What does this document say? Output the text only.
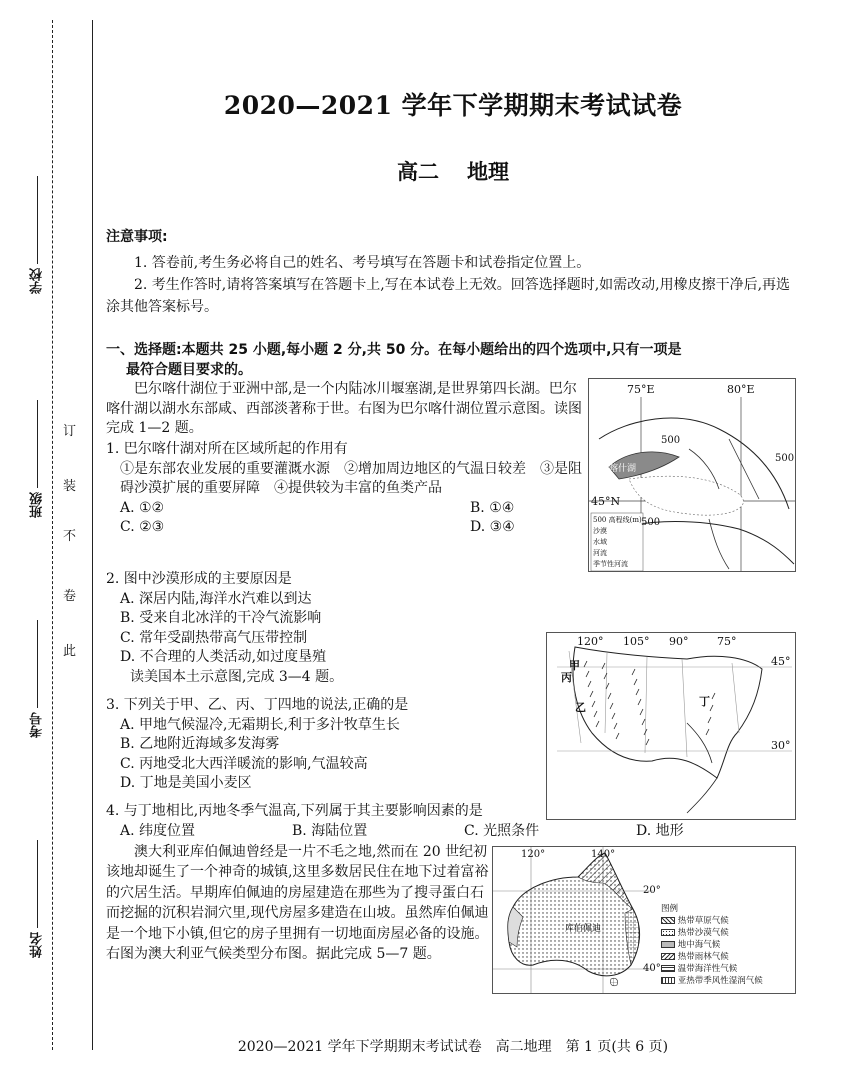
学校
班级
考号
姓名
订
装
不
卷
此
2020—2021 学年下学期期末考试试卷
高二 地理
注意事项:

1. 答卷前,考生务必将自己的姓名、考号填写在答题卡和试卷指定位置上。

2. 考生作答时,请将答案填写在答题卡上,写在本试卷上无效。回答选择题时,如需改动,用橡皮擦干净后,再选涂其他答案标号。

一、选择题:本题共 25 小题,每小题 2 分,共 50 分。在每小题给出的四个选项中,只有一项是
最符合题目要求的。

巴尔喀什湖位于亚洲中部,是一个内陆冰川堰塞湖,是世界第四长湖。巴尔喀什湖以湖水东部咸、西部淡著称于世。右图为巴尔喀什湖位置示意图。读图完成 1—2 题。

1. 巴尔喀什湖对所在区域所起的作用有

①是东部农业发展的重要灌溉水源　②增加周边地区的气温日较差　③是阻碍沙漠扩展的重要屏障　④提供较为丰富的鱼类产品

A. ①②	B. ①④
C. ②③	D. ③④

2. 图中沙漠形成的主要原因是

A. 深居内陆,海洋水汽难以到达

B. 受来自北冰洋的干冷气流影响

C. 常年受副热带高气压带控制

D. 不合理的人类活动,如过度垦殖

读美国本土示意图,完成 3—4 题。

3. 下列关于甲、乙、丙、丁四地的说法,正确的是

A. 甲地气候湿冷,无霜期长,利于多汁牧草生长

B. 乙地附近海域多发海雾

C. 丙地受北大西洋暖流的影响,气温较高

D. 丁地是美国小麦区

4. 与丁地相比,丙地冬季气温高,下列属于其主要影响因素的是

A. 纬度位置	B. 海陆位置	C. 光照条件	D. 地形

澳大利亚库伯佩迪曾经是一片不毛之地,然而在 20 世纪初该地却诞生了一个神奇的城镇,这里多数居民住在地下过着富裕的穴居生活。早期库伯佩迪的房屋建造在那些为了搜寻蛋白石而挖掘的沉积岩洞穴里,现代房屋多建造在山坡。虽然库伯佩迪是一个地下小镇,但它的房子里拥有一切地面房屋必备的设施。右图为澳大利亚气候类型分布图。据此完成 5—7 题。

75°E	80°E
45°N
500
500
500
巴尔喀什湖
500 高程线(m)
沙漠
水域
河流
季节性河流
120° 105° 90°	75°
45°
30°
甲
丙
乙	丁
120°	140°
20°
40°
库伯佩迪
图例
热带草原气候
热带沙漠气候
地中海气候
热带雨林气候
温带海洋性气候
亚热带季风性湿润气候
2020—2021 学年下学期期末考试试卷　高二地理　第 1 页(共 6 页)
